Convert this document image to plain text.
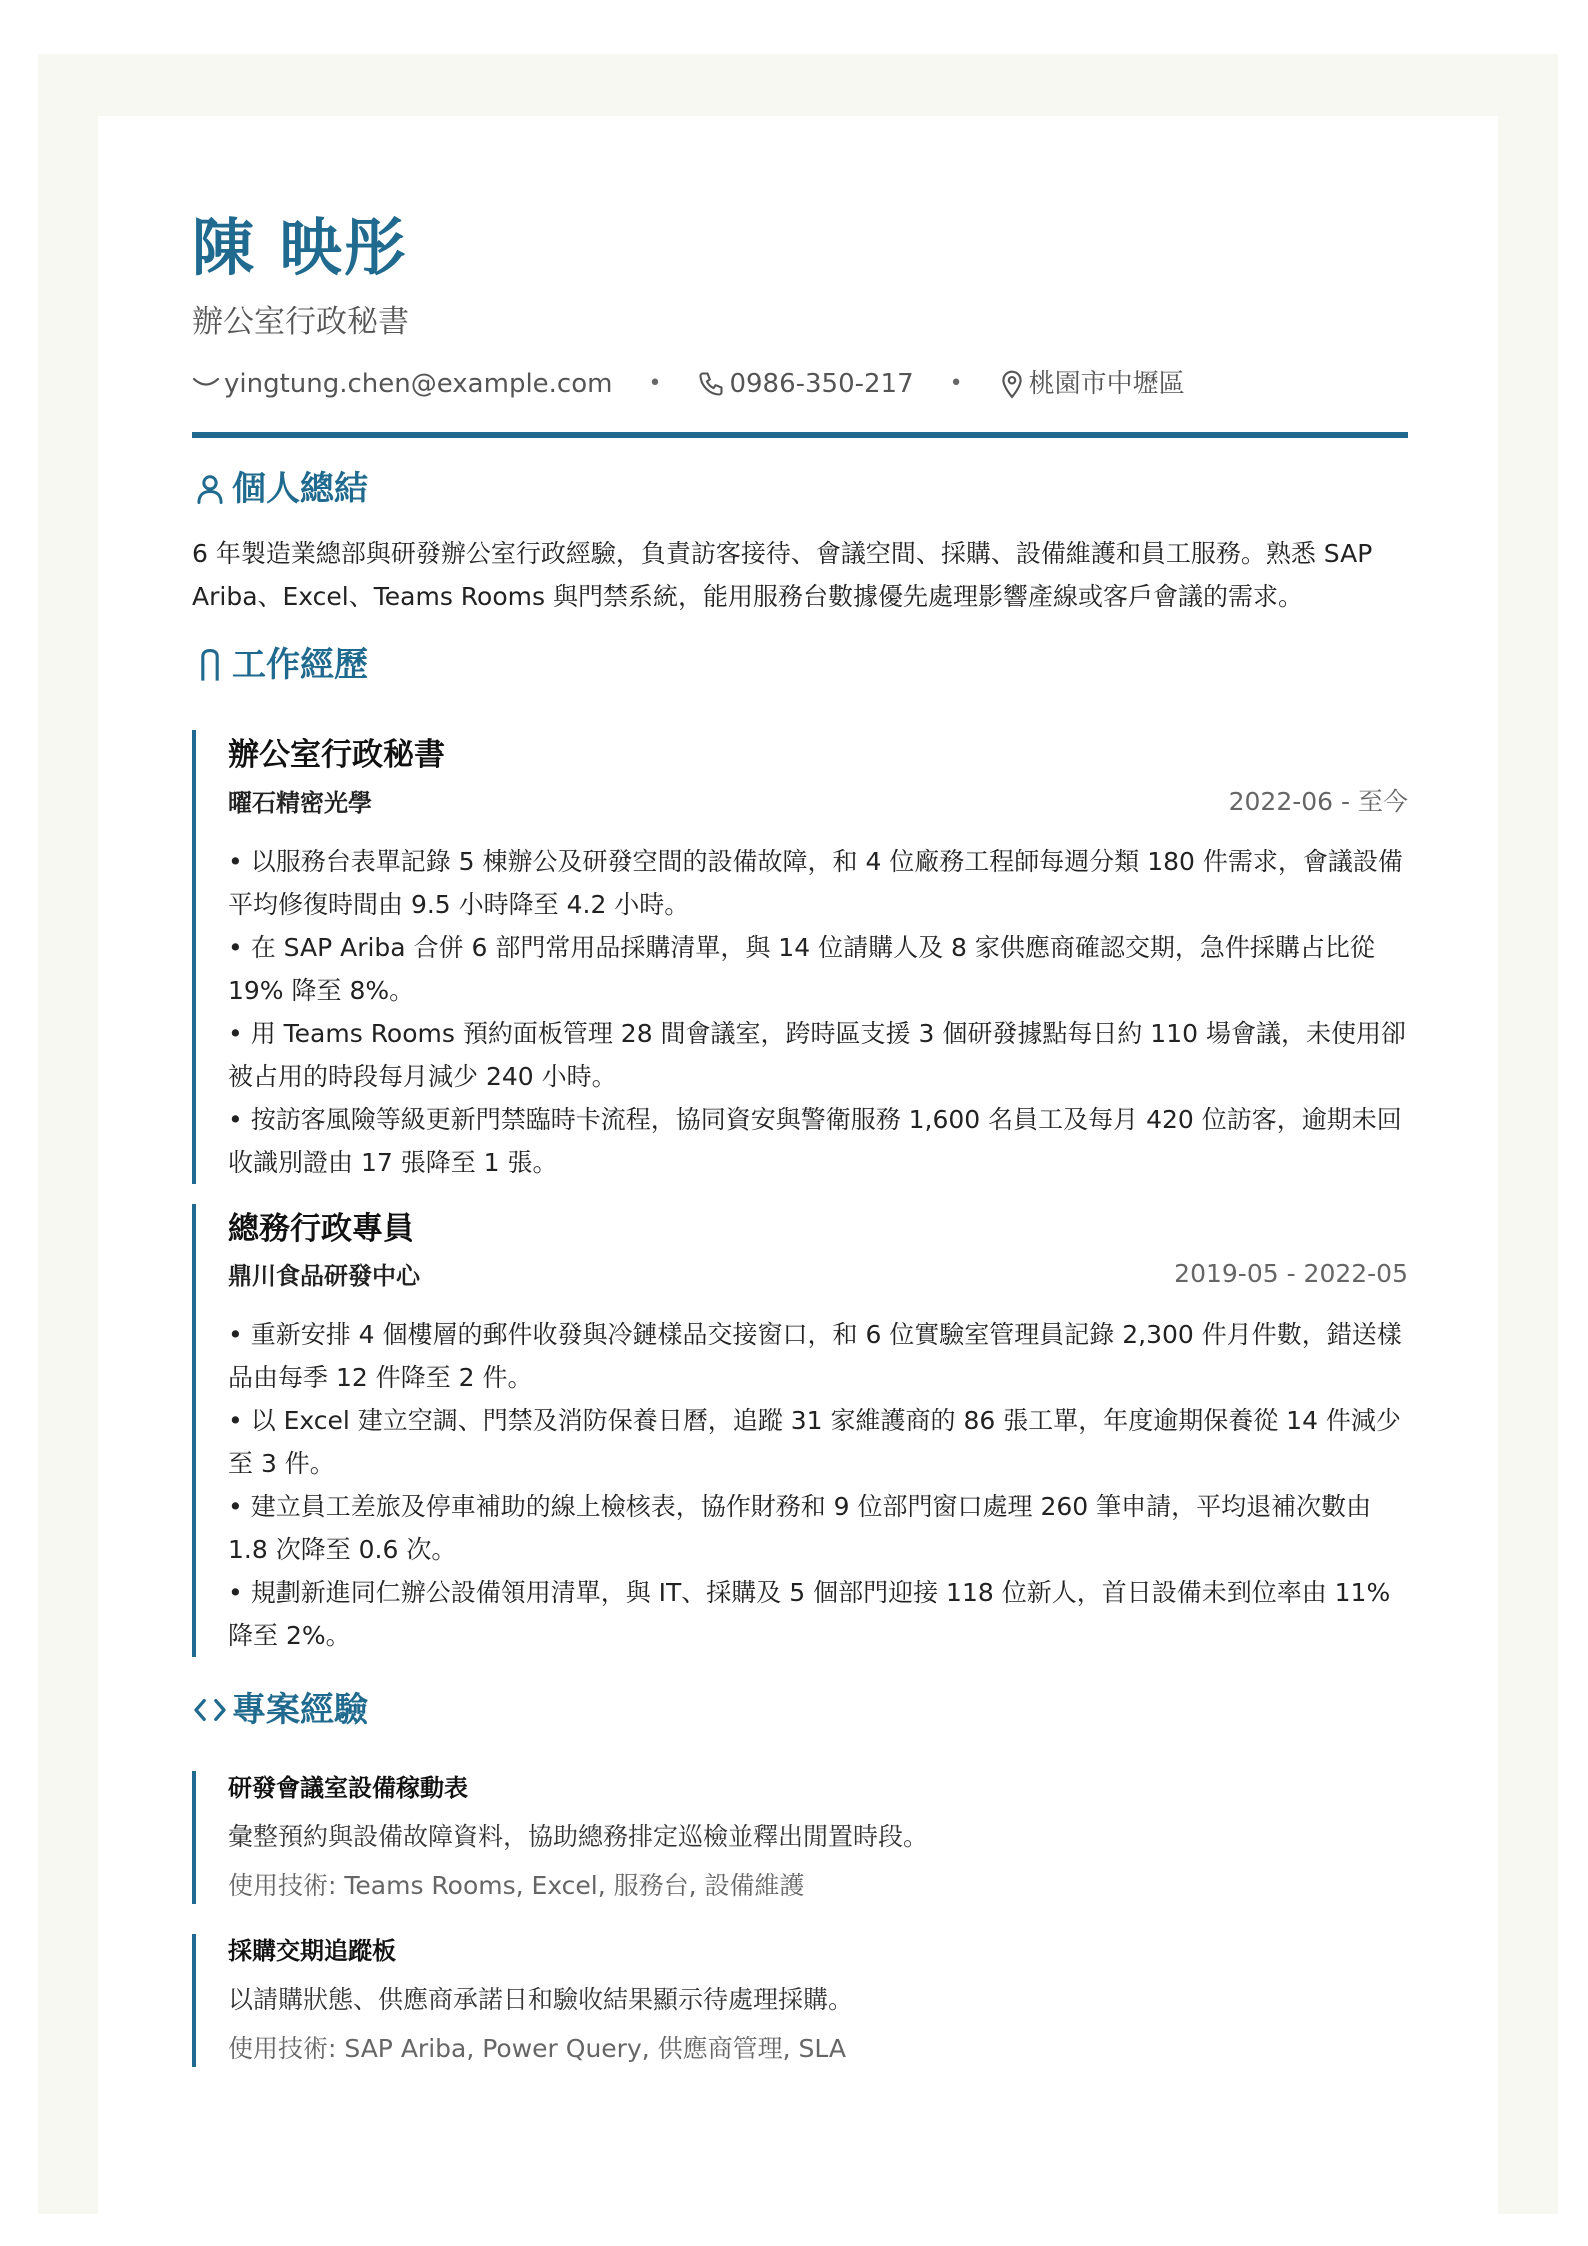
陳 映彤
辦公室行政秘書
yingtung.chen@example.com •	0986-350-217 •	桃園市中壢區
個人總結
6 年製造業總部與研發辦公室行政經驗，負責訪客接待、會議空間、採購、設備維護和員工服務。熟悉 SAP Ariba、Excel、Teams Rooms 與門禁系統，能用服務台數據優先處理影響產線或客戶會議的需求。
工作經歷
辦公室行政秘書
曜石精密光學	2022-06 - 至今
• 以服務台表單記錄 5 棟辦公及研發空間的設備故障，和 4 位廠務工程師每週分類 180 件需求，會議設備平均修復時間由 9.5 小時降至 4.2 小時。
• 在 SAP Ariba 合併 6 部門常用品採購清單，與 14 位請購人及 8 家供應商確認交期，急件採購占比從 19% 降至 8%。
• 用 Teams Rooms 預約面板管理 28 間會議室，跨時區支援 3 個研發據點每日約 110 場會議，未使用卻被占用的時段每月減少 240 小時。
• 按訪客風險等級更新門禁臨時卡流程，協同資安與警衛服務 1,600 名員工及每月 420 位訪客，逾期未回收識別證由 17 張降至 1 張。
總務行政專員
鼎川食品研發中心	2019-05 - 2022-05
• 重新安排 4 個樓層的郵件收發與冷鏈樣品交接窗口，和 6 位實驗室管理員記錄 2,300 件月件數，錯送樣品由每季 12 件降至 2 件。
• 以 Excel 建立空調、門禁及消防保養日曆，追蹤 31 家維護商的 86 張工單，年度逾期保養從 14 件減少至 3 件。
• 建立員工差旅及停車補助的線上檢核表，協作財務和 9 位部門窗口處理 260 筆申請，平均退補次數由 1.8 次降至 0.6 次。
• 規劃新進同仁辦公設備領用清單，與 IT、採購及 5 個部門迎接 118 位新人，首日設備未到位率由 11% 降至 2%。
專案經驗
研發會議室設備稼動表
彙整預約與設備故障資料，協助總務排定巡檢並釋出閒置時段。
使用技術: Teams Rooms, Excel, 服務台, 設備維護
採購交期追蹤板
以請購狀態、供應商承諾日和驗收結果顯示待處理採購。
使用技術: SAP Ariba, Power Query, 供應商管理, SLA
